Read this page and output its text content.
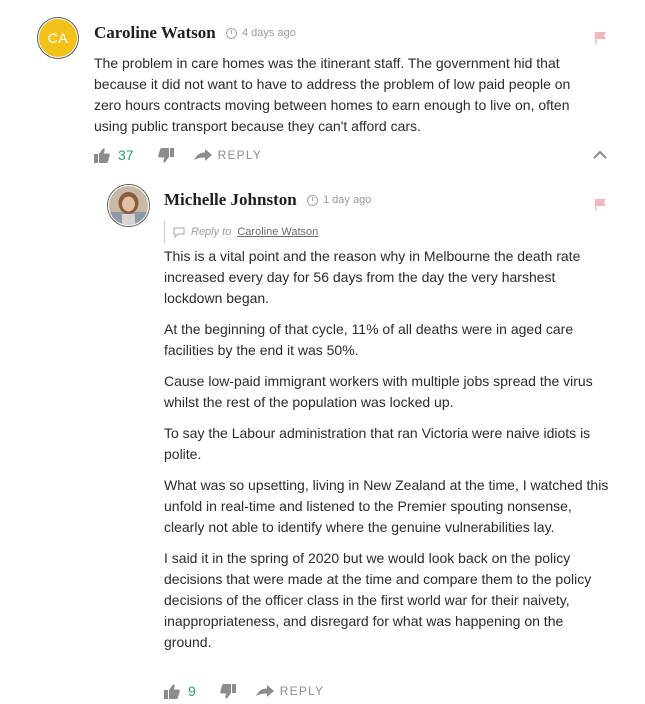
CA	Caroline Watson 4 days ago
The problem in care homes was the itinerant staff. The government hid that because it did not want to have to address the problem of low paid people on zero hours contracts moving between homes to earn enough to live on, often using public transport because they can't afford cars.
37	REPLY
Michelle Johnston 1 day ago
Reply to Caroline Watson

This is a vital point and the reason why in Melbourne the death rate increased every day for 56 days from the day the very harshest lockdown began.

At the beginning of that cycle, 11% of all deaths were in aged care facilities by the end it was 50%.

Cause low-paid immigrant workers with multiple jobs spread the virus whilst the rest of the population was locked up.

To say the Labour administration that ran Victoria were naive idiots is polite.

What was so upsetting, living in New Zealand at the time, I watched this unfold in real-time and listened to the Premier spouting nonsense, clearly not able to identify where the genuine vulnerabilities lay.

I said it in the spring of 2020 but we would look back on the policy decisions that were made at the time and compare them to the policy decisions of the officer class in the first world war for their naivety, inappropriateness, and disregard for what was happening on the ground.

9	REPLY
